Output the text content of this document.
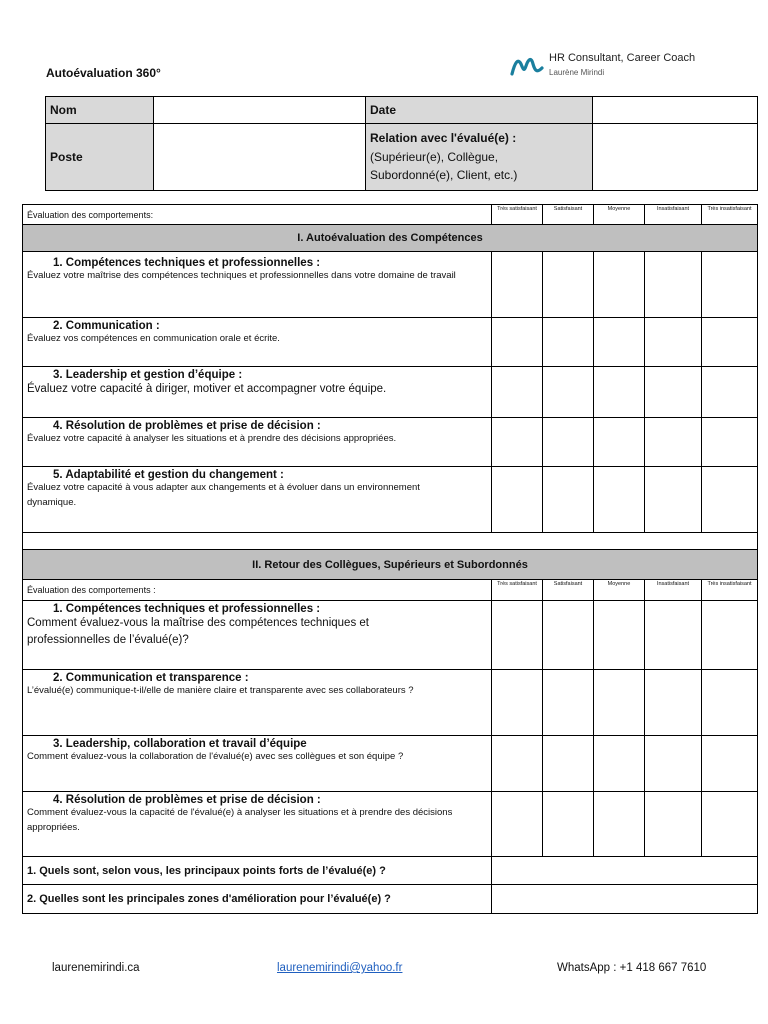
Autoévaluation 360°
HR Consultant, Career Coach
Laurène Mirindi
Nom		Date	
Poste		Relation avec l'évalué(e) :
(Supérieur(e), Collègue,
Subordonné(e), Client, etc.)	
Évaluation des comportements:	Très satisfaisant	Satisfaisant	Moyenne	Insatisfaisant	Très insatisfaisant
I. Autoévaluation des Compétences					

1. Compétences techniques et professionnelles :
Évaluez votre maîtrise des compétences techniques et professionnelles dans votre domaine de travail					

2. Communication :
Évaluez vos compétences en communication orale et écrite.					

3. Leadership et gestion d’équipe :
Évaluez votre capacité à diriger, motiver et accompagner votre équipe.					

4. Résolution de problèmes et prise de décision :
Évaluez votre capacité à analyser les situations et à prendre des décisions appropriées.					

5. Adaptabilité et gestion du changement :
Évaluez votre capacité à vous adapter aux changements et à évoluer dans un environnement dynamique.					

II. Retour des Collègues, Supérieurs et Subordonnés					
Évaluation des comportements :	Très satisfaisant	Satisfaisant	Moyenne	Insatisfaisant	Très insatisfaisant

1. Compétences techniques et professionnelles :
Comment évaluez-vous la maîtrise des compétences techniques et professionnelles de l’évalué(e)?					

2. Communication et transparence :
L’évalué(e) communique-t-il/elle de manière claire et transparente avec ses collaborateurs ?					

3. Leadership, collaboration et travail d’équipe
Comment évaluez-vous la collaboration de l'évalué(e) avec ses collègues et son équipe ?					

4. Résolution de problèmes et prise de décision :
Comment évaluez-vous la capacité de l'évalué(e) à analyser les situations et à prendre des décisions appropriées.					

1. Quels sont, selon vous, les principaux points forts de l’évalué(e) ?					
2. Quelles sont les principales zones d'amélioration pour l’évalué(e) ?					
laurenemirindi.ca	laurenemirindi@yahoo.fr	WhatsApp : +1 418 667 7610
